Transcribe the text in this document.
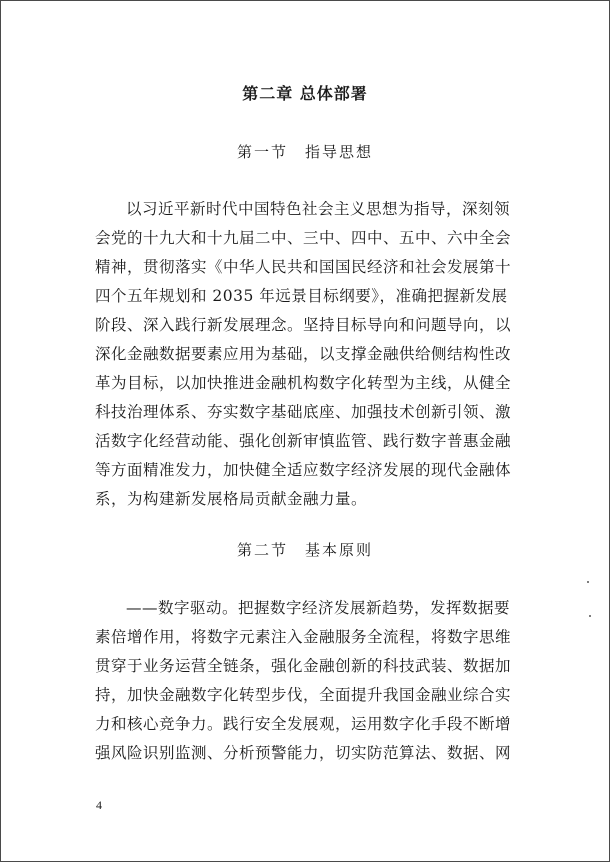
第二章 总体部署
第一节　指导思想
以习近平新时代中国特色社会主义思想为指导，深刻领
会党的十九大和十九届二中、三中、四中、五中、六中全会
精神，贯彻落实《中华人民共和国国民经济和社会发展第十
四个五年规划和 2035 年远景目标纲要》，准确把握新发展
阶段、深入践行新发展理念。坚持目标导向和问题导向，以
深化金融数据要素应用为基础，以支撑金融供给侧结构性改
革为目标，以加快推进金融机构数字化转型为主线，从健全
科技治理体系、夯实数字基础底座、加强技术创新引领、激
活数字化经营动能、强化创新审慎监管、践行数字普惠金融
等方面精准发力，加快健全适应数字经济发展的现代金融体
系，为构建新发展格局贡献金融力量。
第二节　基本原则
——数字驱动。把握数字经济发展新趋势，发挥数据要
素倍增作用，将数字元素注入金融服务全流程，将数字思维
贯穿于业务运营全链条，强化金融创新的科技武装、数据加
持，加快金融数字化转型步伐，全面提升我国金融业综合实
力和核心竞争力。践行安全发展观，运用数字化手段不断增
强风险识别监测、分析预警能力，切实防范算法、数据、网
4
